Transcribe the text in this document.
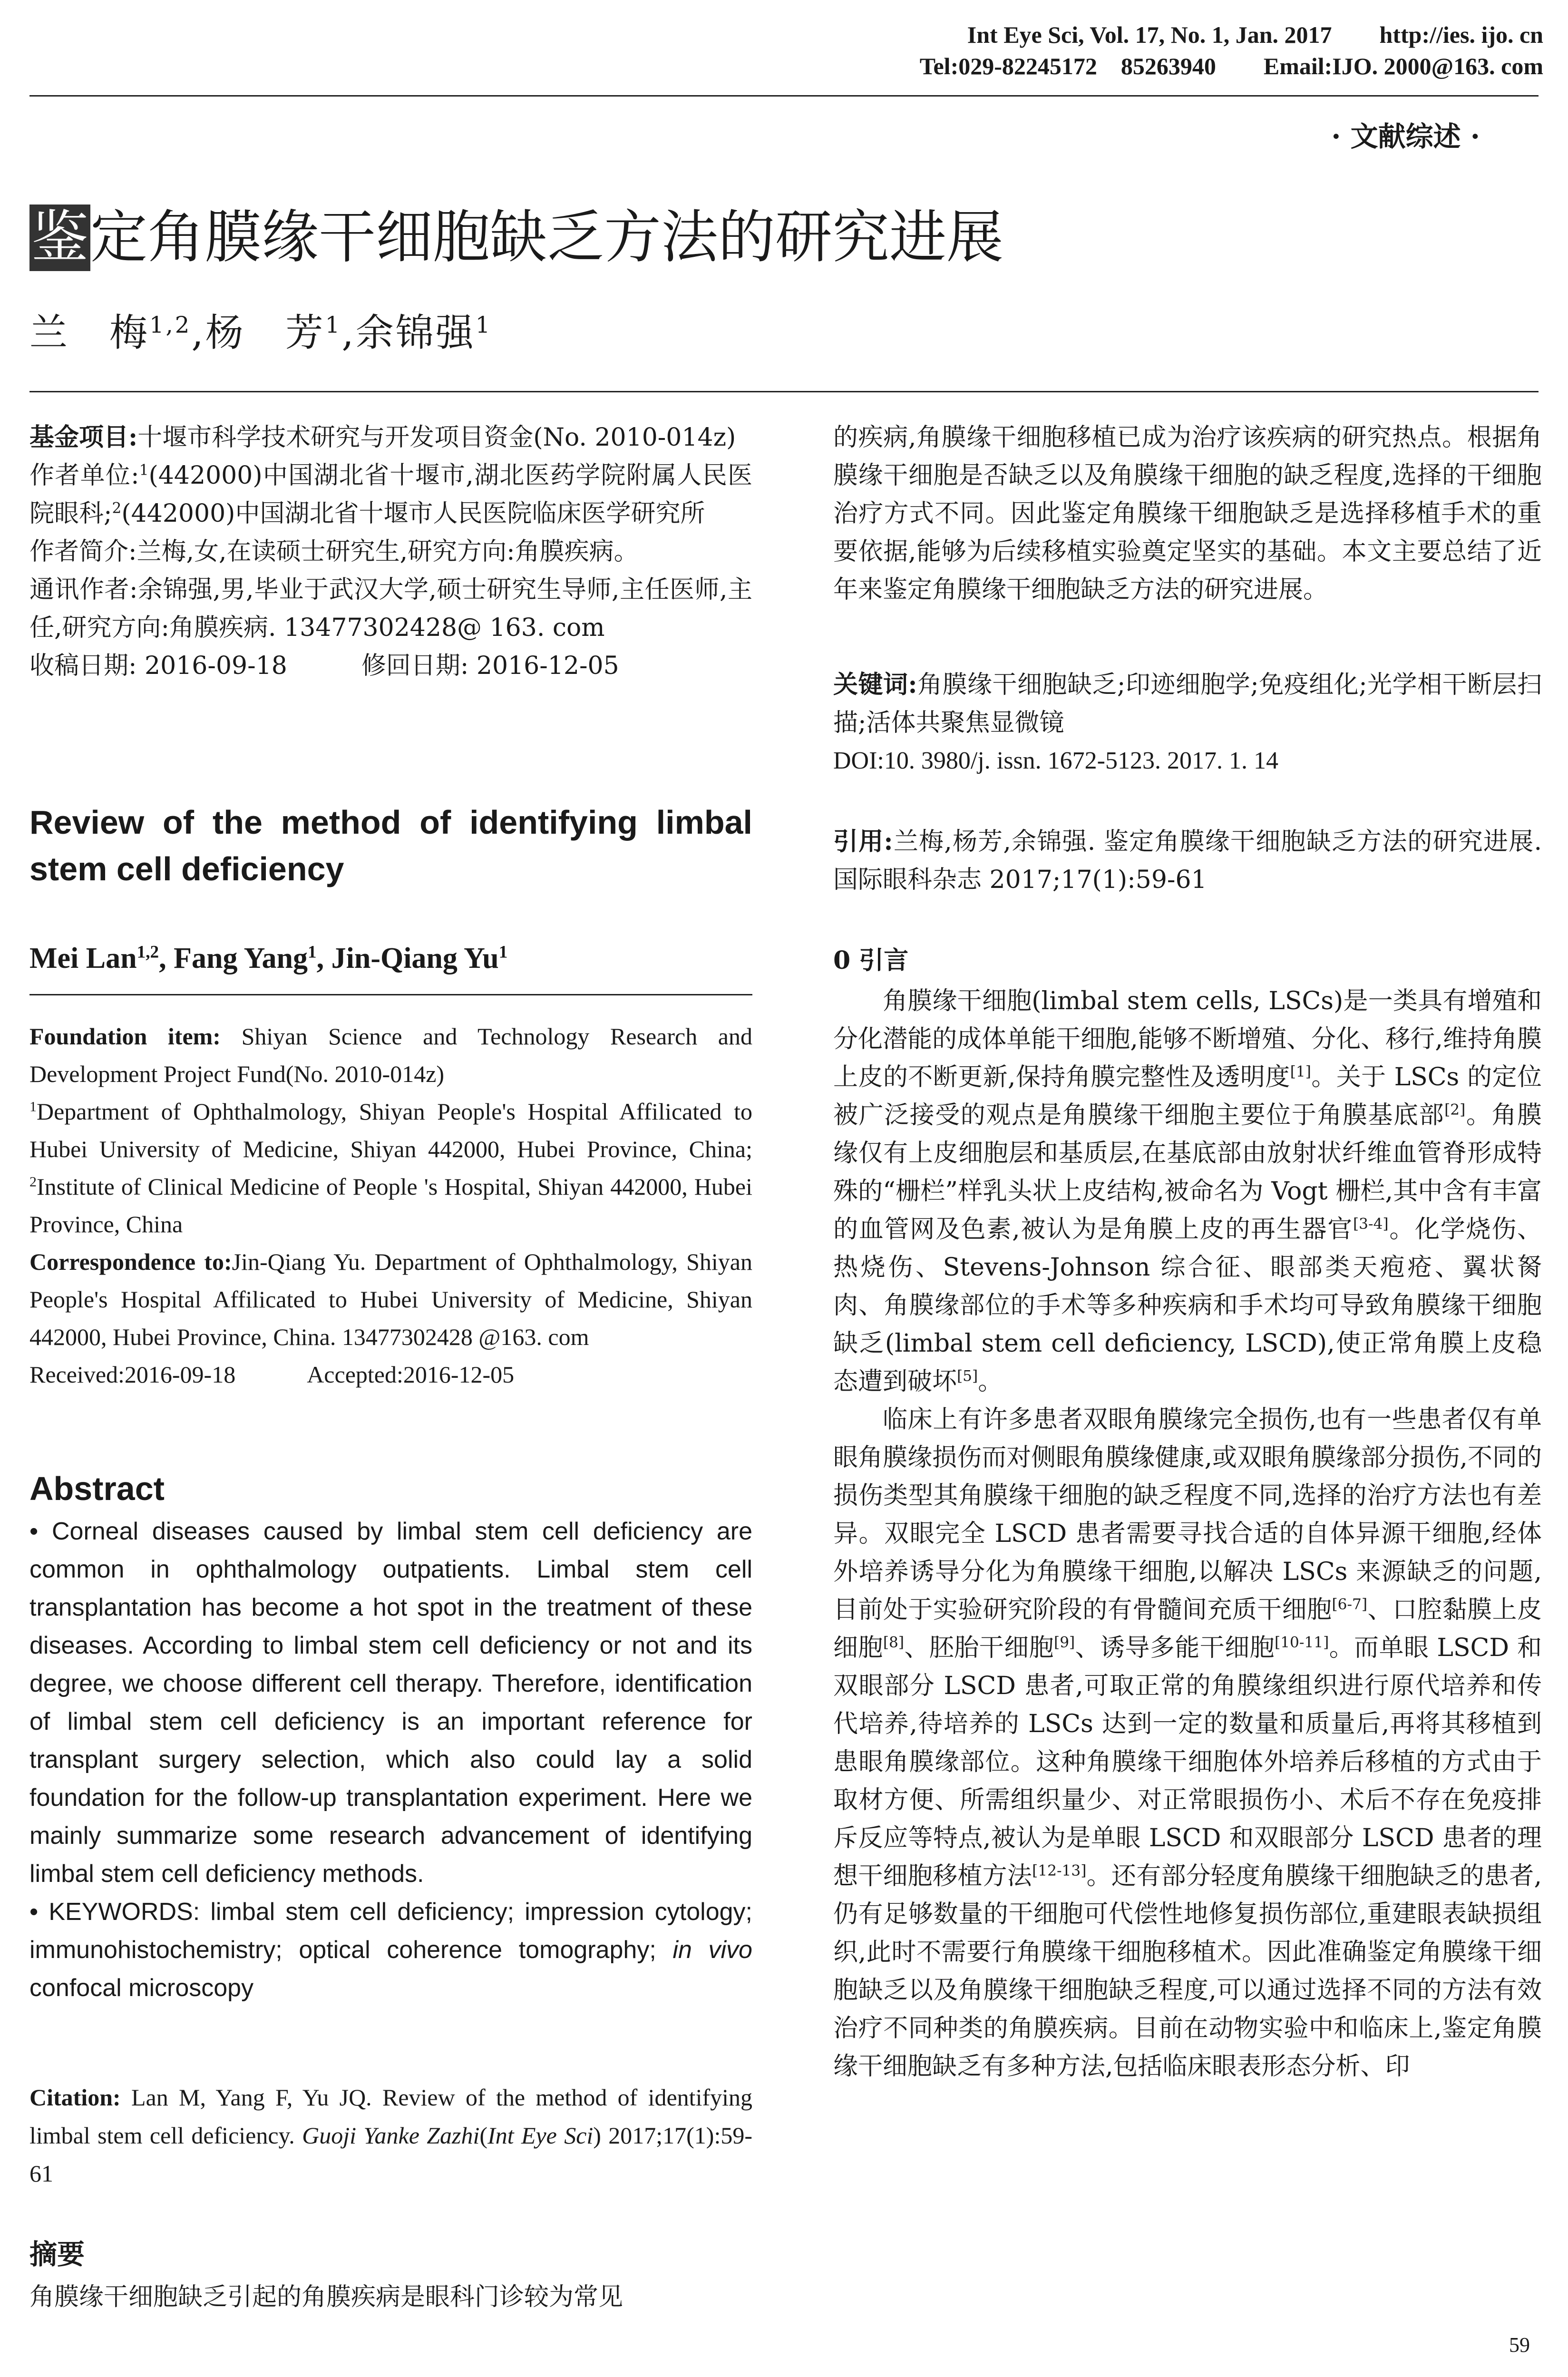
Int Eye Sci, Vol. 17, No. 1, Jan. 2017        http://ies. ijo. cn
Tel:029-82245172    85263940        Email:IJO. 2000@163. com
· 文献综述 ·
鉴定角膜缘干细胞缺乏方法的研究进展
兰　梅$^{1,2}$,杨　芳$^1$,余锦强$^1$

基金项目:十堰市科学技术研究与开发项目资金(No. 2010-014z)

作者单位:$^1$(442000)中国湖北省十堰市,湖北医药学院附属人民医院眼科;$^2$(442000)中国湖北省十堰市人民医院临床医学研究所

作者简介:兰梅,女,在读硕士研究生,研究方向:角膜疾病。

通讯作者:余锦强,男,毕业于武汉大学,硕士研究生导师,主任医师,主任,研究方向:角膜疾病. 13477302428@ 163. com

收稿日期: 2016-09-18　　　修回日期: 2016-12-05

Review of the method of identifying limbal stem cell deficiency
Mei Lan$^{1,2}$, Fang Yang$^1$, Jin-Qiang Yu$^1$

Foundation item: Shiyan Science and Technology Research and Development Project Fund(No. 2010-014z)

$^1$Department of Ophthalmology, Shiyan People's Hospital Affilicated to Hubei University of Medicine, Shiyan 442000, Hubei Province, China; $^2$Institute of Clinical Medicine of People 's Hospital, Shiyan 442000, Hubei Province, China

Correspondence to:Jin-Qiang Yu. Department of Ophthalmology, Shiyan People's Hospital Affilicated to Hubei University of Medicine, Shiyan 442000, Hubei Province, China. 13477302428 @163. com

Received:2016-09-18　　　Accepted:2016-12-05

Abstract

• Corneal diseases caused by limbal stem cell deficiency are common in ophthalmology outpatients. Limbal stem cell transplantation has become a hot spot in the treatment of these diseases. According to limbal stem cell deficiency or not and its degree, we choose different cell therapy. Therefore, identification of limbal stem cell deficiency is an important reference for transplant surgery selection, which also could lay a solid foundation for the follow-up transplantation experiment. Here we mainly summarize some research advancement of identifying limbal stem cell deficiency methods.

• KEYWORDS: limbal stem cell deficiency; impression cytology; immunohistochemistry; optical coherence tomography; in vivo confocal microscopy

Citation: Lan M, Yang F, Yu JQ. Review of the method of identifying limbal stem cell deficiency. Guoji Yanke Zazhi(Int Eye Sci) 2017;17(1):59-61
摘要
角膜缘干细胞缺乏引起的角膜疾病是眼科门诊较为常见
的疾病,角膜缘干细胞移植已成为治疗该疾病的研究热点。根据角膜缘干细胞是否缺乏以及角膜缘干细胞的缺乏程度,选择的干细胞治疗方式不同。因此鉴定角膜缘干细胞缺乏是选择移植手术的重要依据,能够为后续移植实验奠定坚实的基础。本文主要总结了近年来鉴定角膜缘干细胞缺乏方法的研究进展。
关键词:角膜缘干细胞缺乏;印迹细胞学;免疫组化;光学相干断层扫描;活体共聚焦显微镜
DOI:10. 3980/j. issn. 1672-5123. 2017. 1. 14
引用:兰梅,杨芳,余锦强. 鉴定角膜缘干细胞缺乏方法的研究进展. 国际眼科杂志 2017;17(1):59-61
0 引言

角膜缘干细胞(limbal stem cells, LSCs)是一类具有增殖和分化潜能的成体单能干细胞,能够不断增殖、分化、移行,维持角膜上皮的不断更新,保持角膜完整性及透明度[1]。关于 LSCs 的定位被广泛接受的观点是角膜缘干细胞主要位于角膜基底部[2]。角膜缘仅有上皮细胞层和基质层,在基底部由放射状纤维血管脊形成特殊的“栅栏”样乳头状上皮结构,被命名为 Vogt 栅栏,其中含有丰富的血管网及色素,被认为是角膜上皮的再生器官[3-4]。化学烧伤、热烧伤、Stevens-Johnson 综合征、眼部类天疱疮、翼状胬肉、角膜缘部位的手术等多种疾病和手术均可导致角膜缘干细胞缺乏(limbal stem cell deficiency, LSCD),使正常角膜上皮稳态遭到破坏[5]。

临床上有许多患者双眼角膜缘完全损伤,也有一些患者仅有单眼角膜缘损伤而对侧眼角膜缘健康,或双眼角膜缘部分损伤,不同的损伤类型其角膜缘干细胞的缺乏程度不同,选择的治疗方法也有差异。双眼完全 LSCD 患者需要寻找合适的自体异源干细胞,经体外培养诱导分化为角膜缘干细胞,以解决 LSCs 来源缺乏的问题,目前处于实验研究阶段的有骨髓间充质干细胞[6-7]、口腔黏膜上皮细胞[8]、胚胎干细胞[9]、诱导多能干细胞[10-11]。而单眼 LSCD 和双眼部分 LSCD 患者,可取正常的角膜缘组织进行原代培养和传代培养,待培养的 LSCs 达到一定的数量和质量后,再将其移植到患眼角膜缘部位。这种角膜缘干细胞体外培养后移植的方式由于取材方便、所需组织量少、对正常眼损伤小、术后不存在免疫排斥反应等特点,被认为是单眼 LSCD 和双眼部分 LSCD 患者的理想干细胞移植方法[12-13]。还有部分轻度角膜缘干细胞缺乏的患者,仍有足够数量的干细胞可代偿性地修复损伤部位,重建眼表缺损组织,此时不需要行角膜缘干细胞移植术。因此准确鉴定角膜缘干细胞缺乏以及角膜缘干细胞缺乏程度,可以通过选择不同的方法有效治疗不同种类的角膜疾病。目前在动物实验中和临床上,鉴定角膜缘干细胞缺乏有多种方法,包括临床眼表形态分析、印

59
